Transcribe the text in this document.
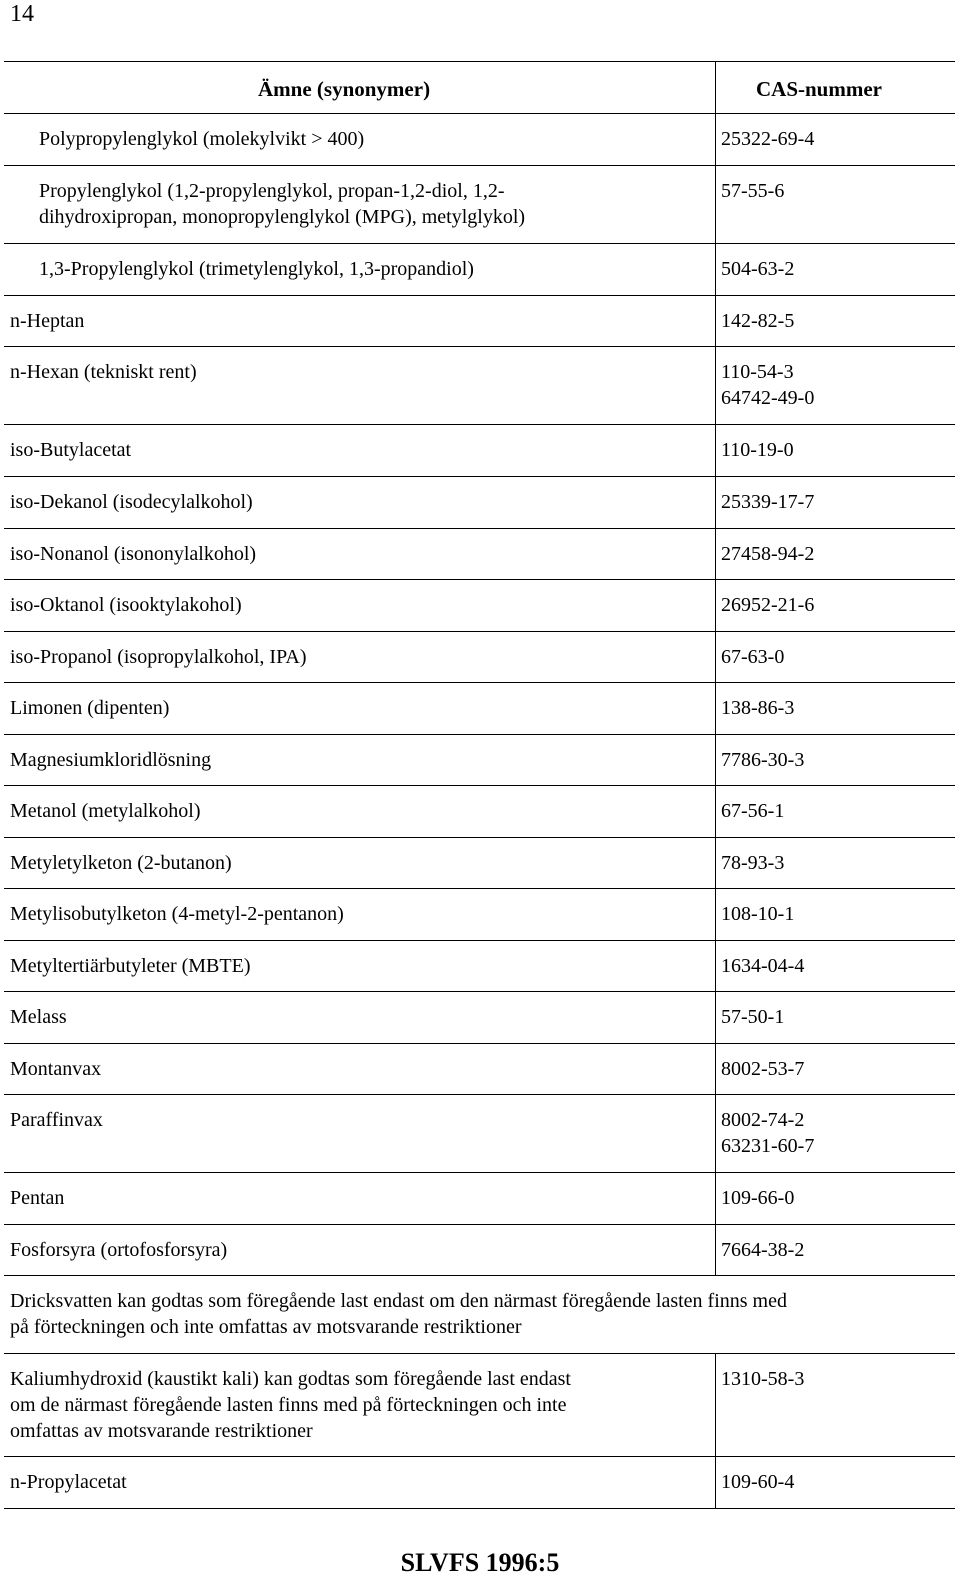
14
Ämne (synonymer)	CAS-nummer
Polypropylenglykol (molekylvikt > 400)	25322-69-4
Propylenglykol (1,2-propylenglykol, propan-1,2-diol, 1,2-
dihydroxipropan, monopropylenglykol (MPG), metylglykol)
57-55-6
1,3-Propylenglykol (trimetylenglykol, 1,3-propandiol)	504-63-2
n-Heptan	142-82-5
n-Hexan (tekniskt rent)	110-54-3
64742-49-0
iso-Butylacetat	110-19-0
iso-Dekanol (isodecylalkohol)	25339-17-7
iso-Nonanol (isononylalkohol)	27458-94-2
iso-Oktanol (isooktylakohol)	26952-21-6
iso-Propanol (isopropylalkohol, IPA)	67-63-0
Limonen (dipenten)	138-86-3
Magnesiumkloridlösning	7786-30-3
Metanol (metylalkohol)	67-56-1
Metyletylketon (2-butanon)	78-93-3
Metylisobutylketon (4-metyl-2-pentanon)	108-10-1
Metyltertiärbutyleter (MBTE)	1634-04-4
Melass	57-50-1
Montanvax	8002-53-7
Paraffinvax	8002-74-2
63231-60-7
Pentan	109-66-0
Fosforsyra (ortofosforsyra)	7664-38-2
Dricksvatten kan godtas som föregående last endast om den närmast föregående lasten finns med
på förteckningen och inte omfattas av motsvarande restriktioner
Kaliumhydroxid (kaustikt kali) kan godtas som föregående last endast
om de närmast föregående lasten finns med på förteckningen och inte
omfattas av motsvarande restriktioner
1310-58-3
n-Propylacetat	109-60-4
SLVFS 1996:5
